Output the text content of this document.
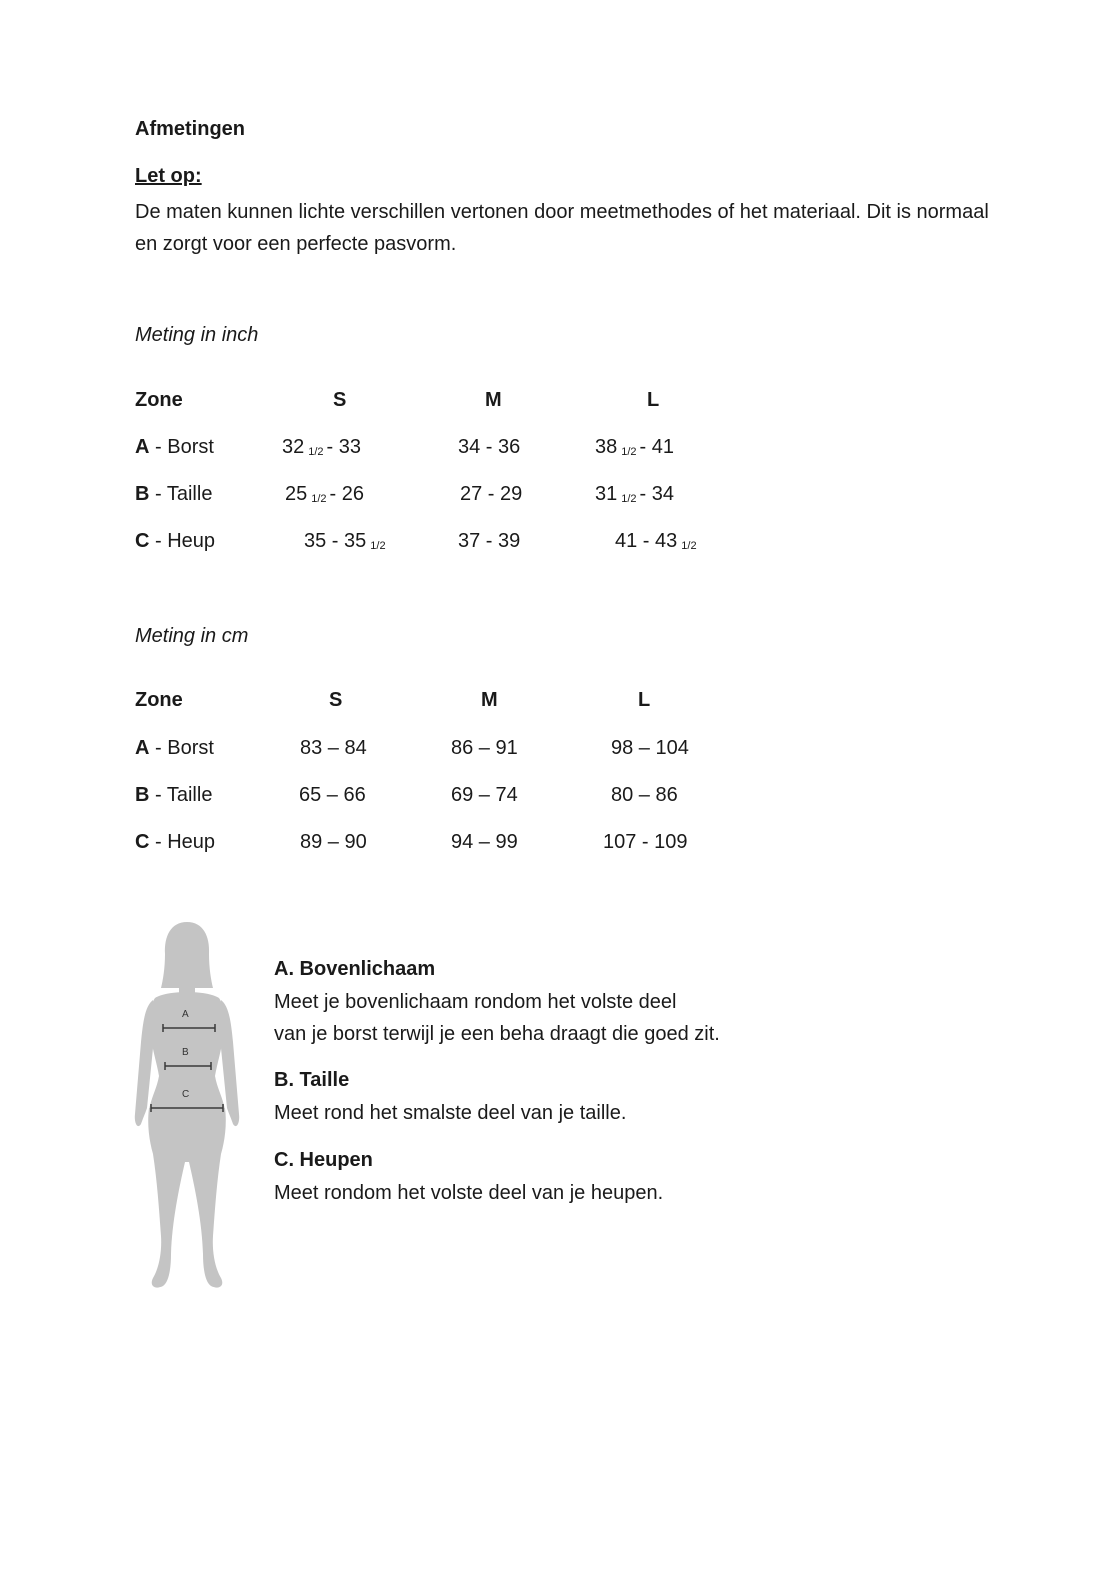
Afmetingen
Let op:
De maten kunnen lichte verschillen vertonen door meetmethodes of het materiaal. Dit is normaal en zorgt voor een perfecte pasvorm.
Meting in inch
Zone	S	M	L
A - Borst	32 1/2 - 33	34 - 36	38 1/2 - 41
B - Taille	25 1/2 - 26	27 - 29	31 1/2 - 34
C - Heup	35 - 35 1/2	37 - 39	41 - 43 1/2
Meting in cm
Zone	S	M	L
A - Borst	83 – 84	86 – 91	98 – 104
B - Taille	65 – 66	69 – 74	80 – 86
C - Heup	89 – 90	94 – 99	107 - 109
A
B
C
A. Bovenlichaam
Meet je bovenlichaam rondom het volste deel
van je borst terwijl je een beha draagt die goed zit.
B. Taille
Meet rond het smalste deel van je taille.
C. Heupen
Meet rondom het volste deel van je heupen.
